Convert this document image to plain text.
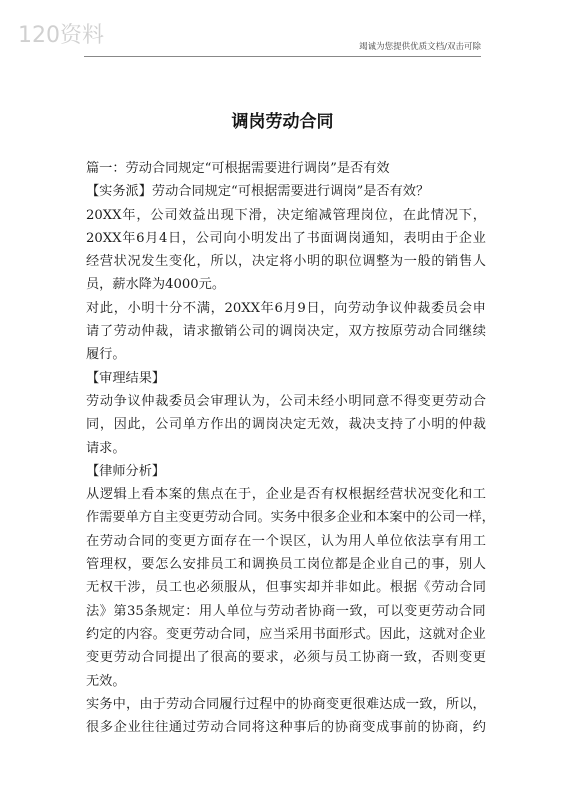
120资料	竭诚为您提供优质文档/双击可除
调岗劳动合同
篇一：劳动合同规定“可根据需要进行调岗”是否有效
【实务派】劳动合同规定“可根据需要进行调岗”是否有效？
20XX 年 ， 公 司 效 益 出 现 下 滑 ， 决 定 缩 减 管 理 岗 位 ， 在 此 情 况 下 ，
20XX 年 6 月 4 日 ， 公 司 向 小 明 发 出 了 书 面 调 岗 通 知 ， 表 明 由 于 企 业
经 营 状 况 发 生 变 化 ， 所 以 ， 决 定 将 小 明 的 职 位 调 整 为 一 般 的 销 售 人
员，薪水降为4000元。
对 此 ， 小 明 十 分 不 满 ， 20XX 年 6 月 9 日 ， 向 劳 动 争 议 仲 裁 委 员 会 申
请 了 劳 动 仲 裁 ， 请 求 撤 销 公 司 的 调 岗 决 定 ， 双 方 按 原 劳 动 合 同 继 续
履行。
【审理结果】
劳 动 争 议 仲 裁 委 员 会 审 理 认 为 ， 公 司 未 经 小 明 同 意 不 得 变 更 劳 动 合
同 ， 因 此 ， 公 司 单 方 作 出 的 调 岗 决 定 无 效 ， 裁 决 支 持 了 小 明 的 仲 裁
请求。
【律师分析】
从 逻 辑 上 看 本 案 的 焦 点 在 于 ， 企 业 是 否 有 权 根 据 经 营 状 况 变 化 和 工
作 需 要 单 方 自 主 变 更 劳 动 合 同 。 实 务 中 很 多 企 业 和 本 案 中 的 公 司 一 样 ，
在 劳 动 合 同 的 变 更 方 面 存 在 一 个 误 区 ， 认 为 用 人 单 位 依 法 享 有 用 工
管 理 权 ， 要 怎 么 安 排 员 工 和 调 换 员 工 岗 位 都 是 企 业 自 己 的 事 ， 别 人
无 权 干 涉 ， 员 工 也 必 须 服 从 ， 但 事 实 却 并 非 如 此 。 根 据 《 劳 动 合 同
法 》 第 35 条 规 定 ： 用 人 单 位 与 劳 动 者 协 商 一 致 ， 可 以 变 更 劳 动 合 同
约 定 的 内 容 。 变 更 劳 动 合 同 ， 应 当 采 用 书 面 形 式 。 因 此 ， 这 就 对 企 业
变 更 劳 动 合 同 提 出 了 很 高 的 要 求 ， 必 须 与 员 工 协 商 一 致 ， 否 则 变 更
无效。
实 务 中 ， 由 于 劳 动 合 同 履 行 过 程 中 的 协 商 变 更 很 难 达 成 一 致 ， 所 以 ，
很 多 企 业 往 往 通 过 劳 动 合 同 将 这 种 事 后 的 协 商 变 成 事 前 的 协 商 ， 约
